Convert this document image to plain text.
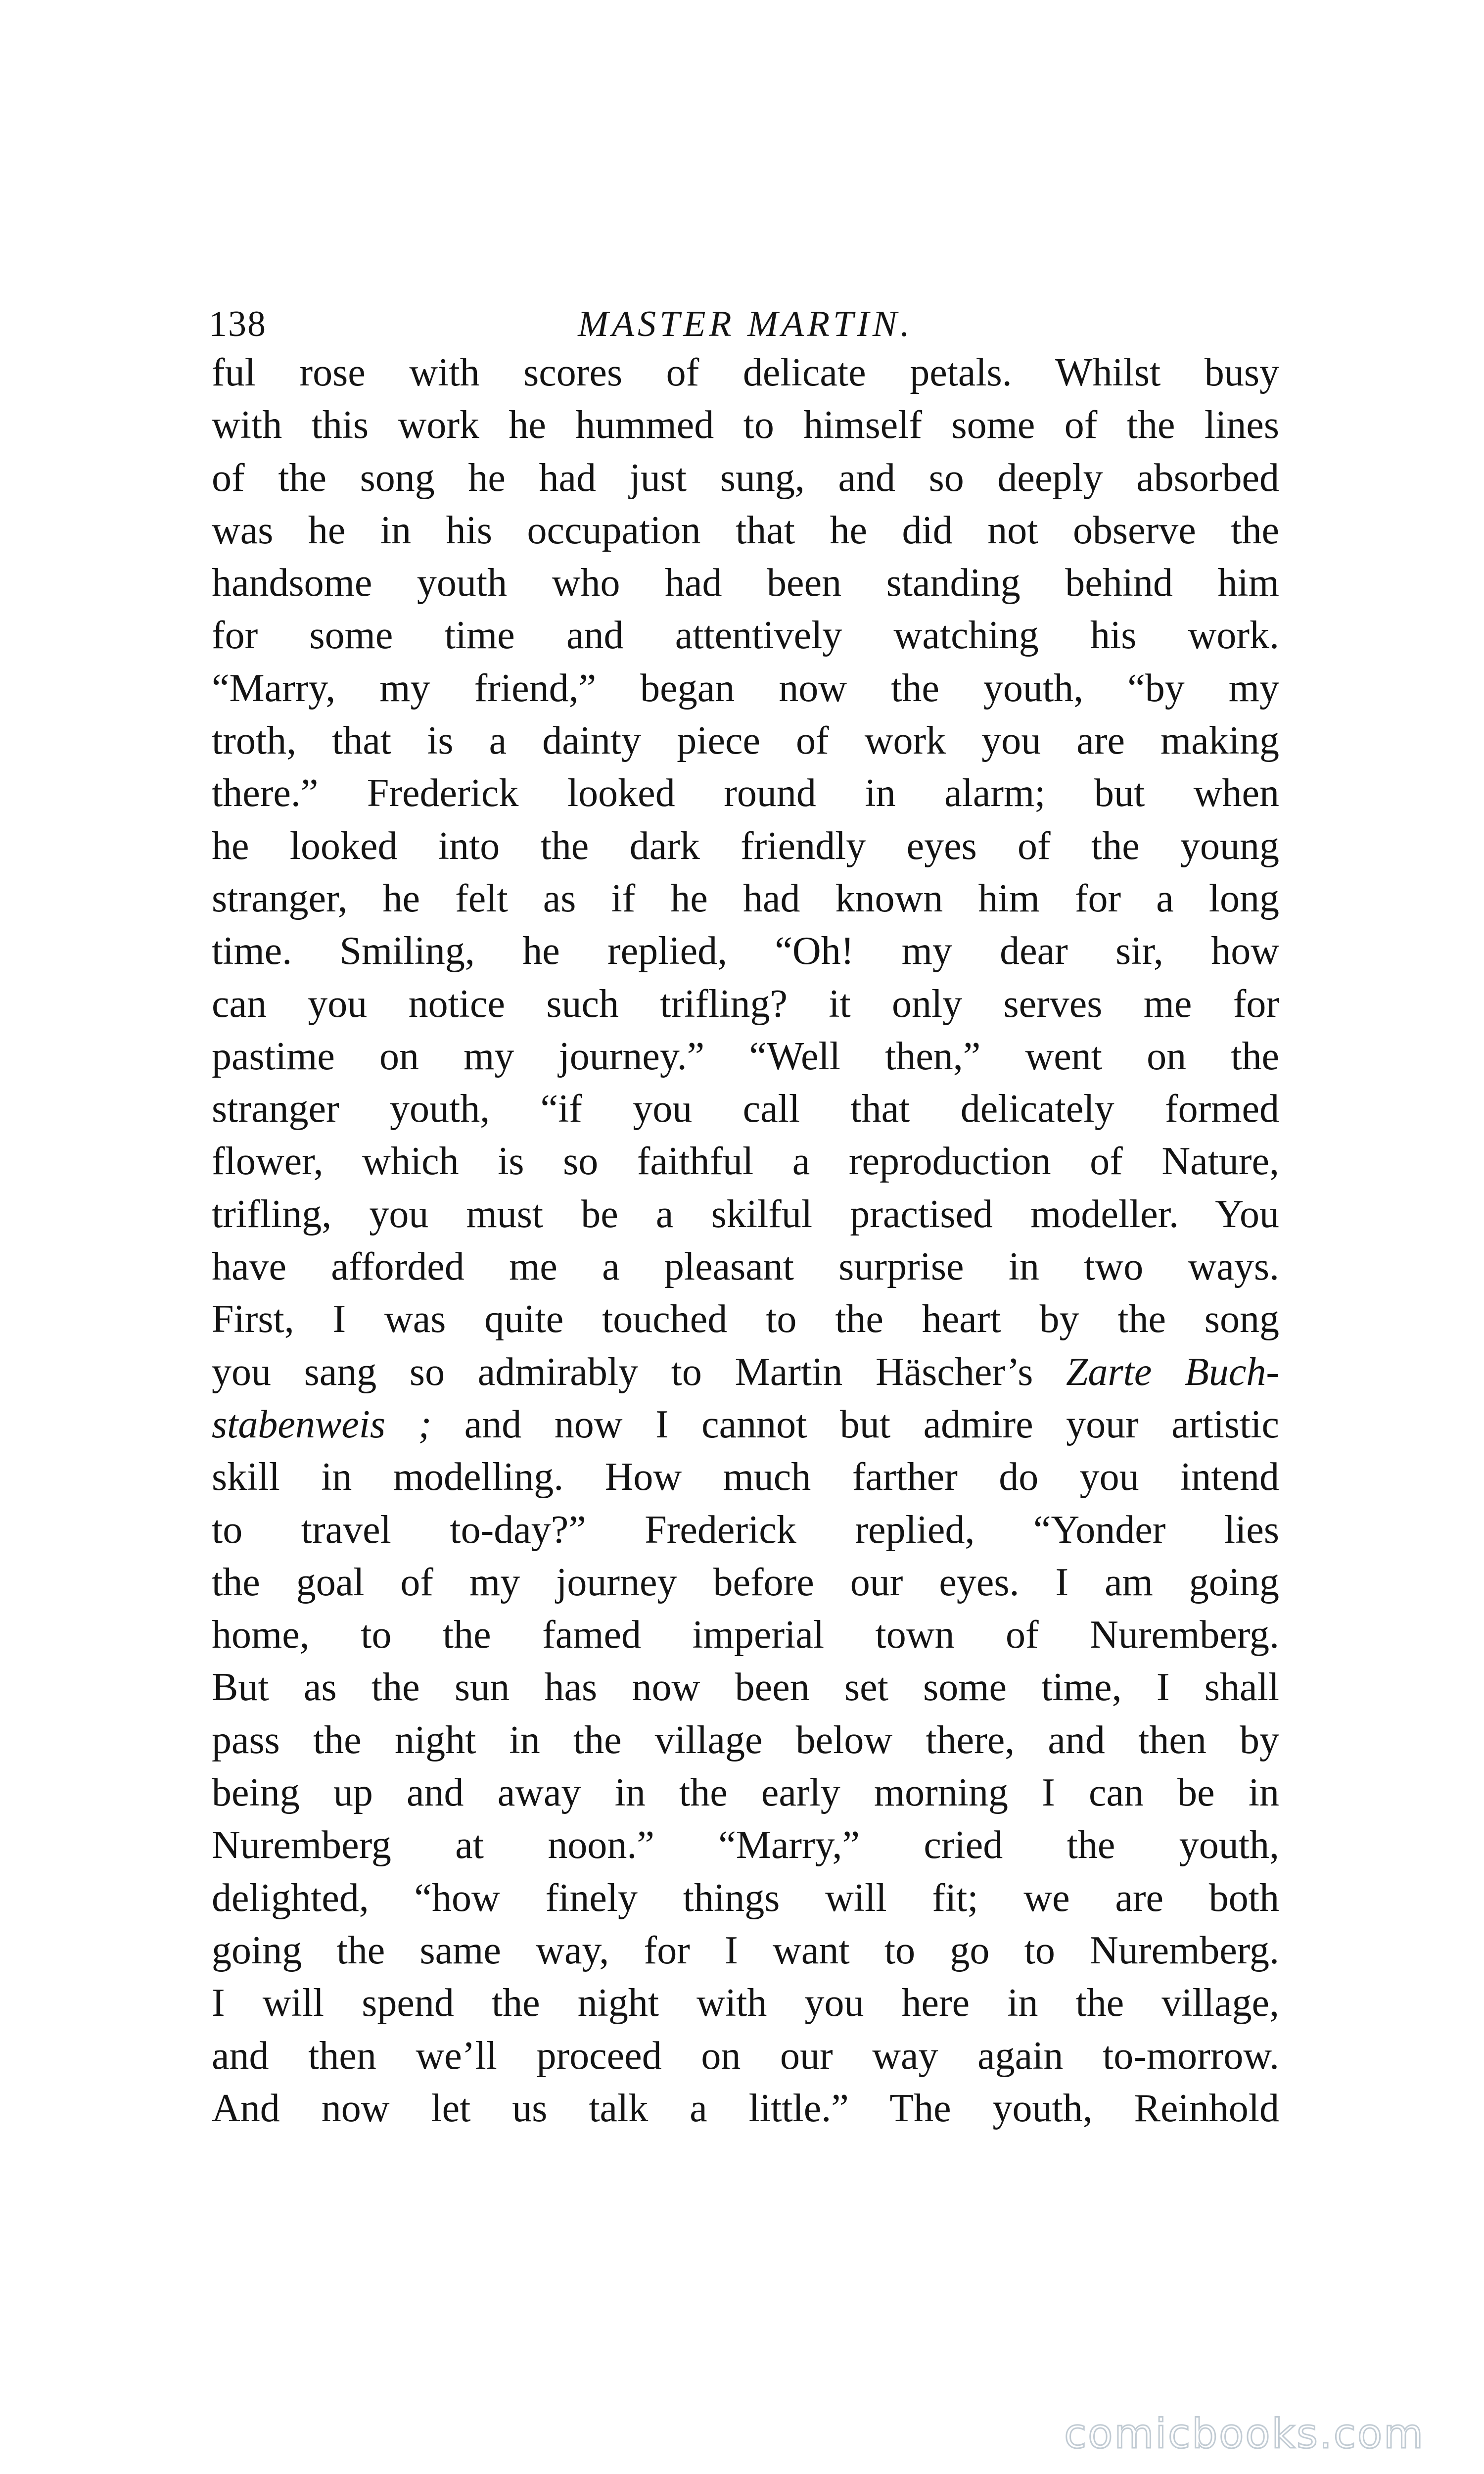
138	MASTER MARTIN.
ful rose with scores of delicate petals. Whilst busy
with this work he hummed to himself some of the lines
of the song he had just sung, and so deeply absorbed
was he in his occupation that he did not observe the
handsome youth who had been standing behind him
for some time and attentively watching his work.
“Marry, my friend,” began now the youth, “by my
troth, that is a dainty piece of work you are making
there.” Frederick looked round in alarm; but when
he looked into the dark friendly eyes of the young
stranger, he felt as if he had known him for a long
time. Smiling, he replied, “Oh! my dear sir, how
can you notice such trifling? it only serves me for
pastime on my journey.” “Well then,” went on the
stranger youth, “if you call that delicately formed
flower, which is so faithful a reproduction of Nature,
trifling, you must be a skilful practised modeller. You
have afforded me a pleasant surprise in two ways.
First, I was quite touched to the heart by the song
you sang so admirably to Martin Häscher’s Zarte Buch-
stabenweis ; and now I cannot but admire your artistic
skill in modelling. How much farther do you intend
to travel to-day?” Frederick replied, “Yonder lies
the goal of my journey before our eyes. I am going
home, to the famed imperial town of Nuremberg.
But as the sun has now been set some time, I shall
pass the night in the village below there, and then by
being up and away in the early morning I can be in
Nuremberg at noon.” “Marry,” cried the youth,
delighted, “how finely things will fit; we are both
going the same way, for I want to go to Nuremberg.
I will spend the night with you here in the village,
and then we’ll proceed on our way again to-morrow.
And now let us talk a little.” The youth, Reinhold
comicbooks.com
